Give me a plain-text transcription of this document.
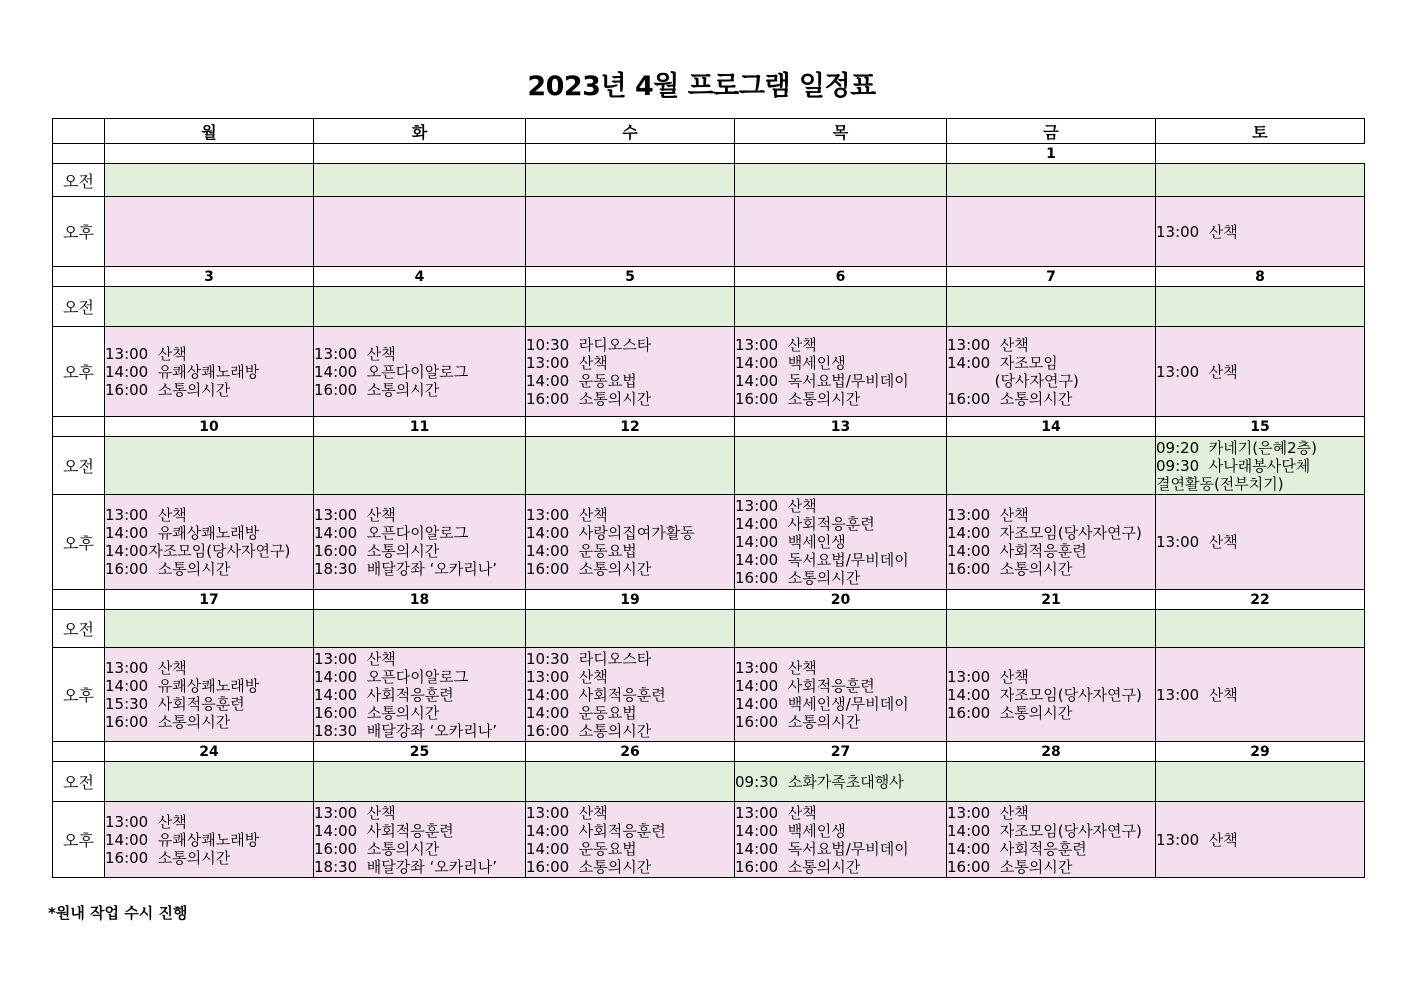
2023년 4월 프로그램 일정표
	월	화	수	목	금	토
					1	
오전						
오후						13:00  산책

	3	4	5	6	7	8
오전						
오후	13:00  산책
14:00  유쾌상쾌노래방
16:00  소통의시간	13:00  산책
14:00  오픈다이알로그
16:00  소통의시간	10:30  라디오스타
13:00  산책
14:00  운동요법
16:00  소통의시간	13:00  산책
14:00  백세인생
14:00  독서요법/무비데이
16:00  소통의시간	13:00  산책
14:00  자조모임
(당사자연구)
16:00  소통의시간	13:00  산책

	10	11	12	13	14	15
오전						09:20  카네기(은혜2층)
09:30  사나래봉사단체
결연활동(전부치기)

오후	13:00  산책
14:00  유쾌상쾌노래방
14:00자조모임(당사자연구)
16:00  소통의시간	13:00  산책
14:00  오픈다이알로그
16:00  소통의시간
18:30  배달강좌 ‘오카리나’	13:00  산책
14:00  사랑의집여가활동
14:00  운동요법
16:00  소통의시간	13:00  산책
14:00  사회적응훈련
14:00  백세인생
14:00  독서요법/무비데이
16:00  소통의시간	13:00  산책
14:00  자조모임(당사자연구)
14:00  사회적응훈련
16:00  소통의시간	13:00  산책

	17	18	19	20	21	22
오전						
오후	13:00  산책
14:00  유쾌상쾌노래방
15:30  사회적응훈련
16:00  소통의시간	13:00  산책
14:00  오픈다이알로그
14:00  사회적응훈련
16:00  소통의시간
18:30  배달강좌 ‘오카리나’	10:30  라디오스타
13:00  산책
14:00  사회적응훈련
14:00  운동요법
16:00  소통의시간	13:00  산책
14:00  사회적응훈련
14:00  백세인생/무비데이
16:00  소통의시간	13:00  산책
14:00  자조모임(당사자연구)
16:00  소통의시간	13:00  산책

	24	25	26	27	28	29
오전				09:30  소화가족초대행사		

오후	13:00  산책
14:00  유쾌상쾌노래방
16:00  소통의시간	13:00  산책
14:00  사회적응훈련
16:00  소통의시간
18:30  배달강좌 ‘오카리나’	13:00  산책
14:00  사회적응훈련
14:00  운동요법
16:00  소통의시간	13:00  산책
14:00  백세인생
14:00  독서요법/무비데이
16:00  소통의시간	13:00  산책
14:00  자조모임(당사자연구)
14:00  사회적응훈련
16:00  소통의시간	13:00  산책
*원내 작업 수시 진행
